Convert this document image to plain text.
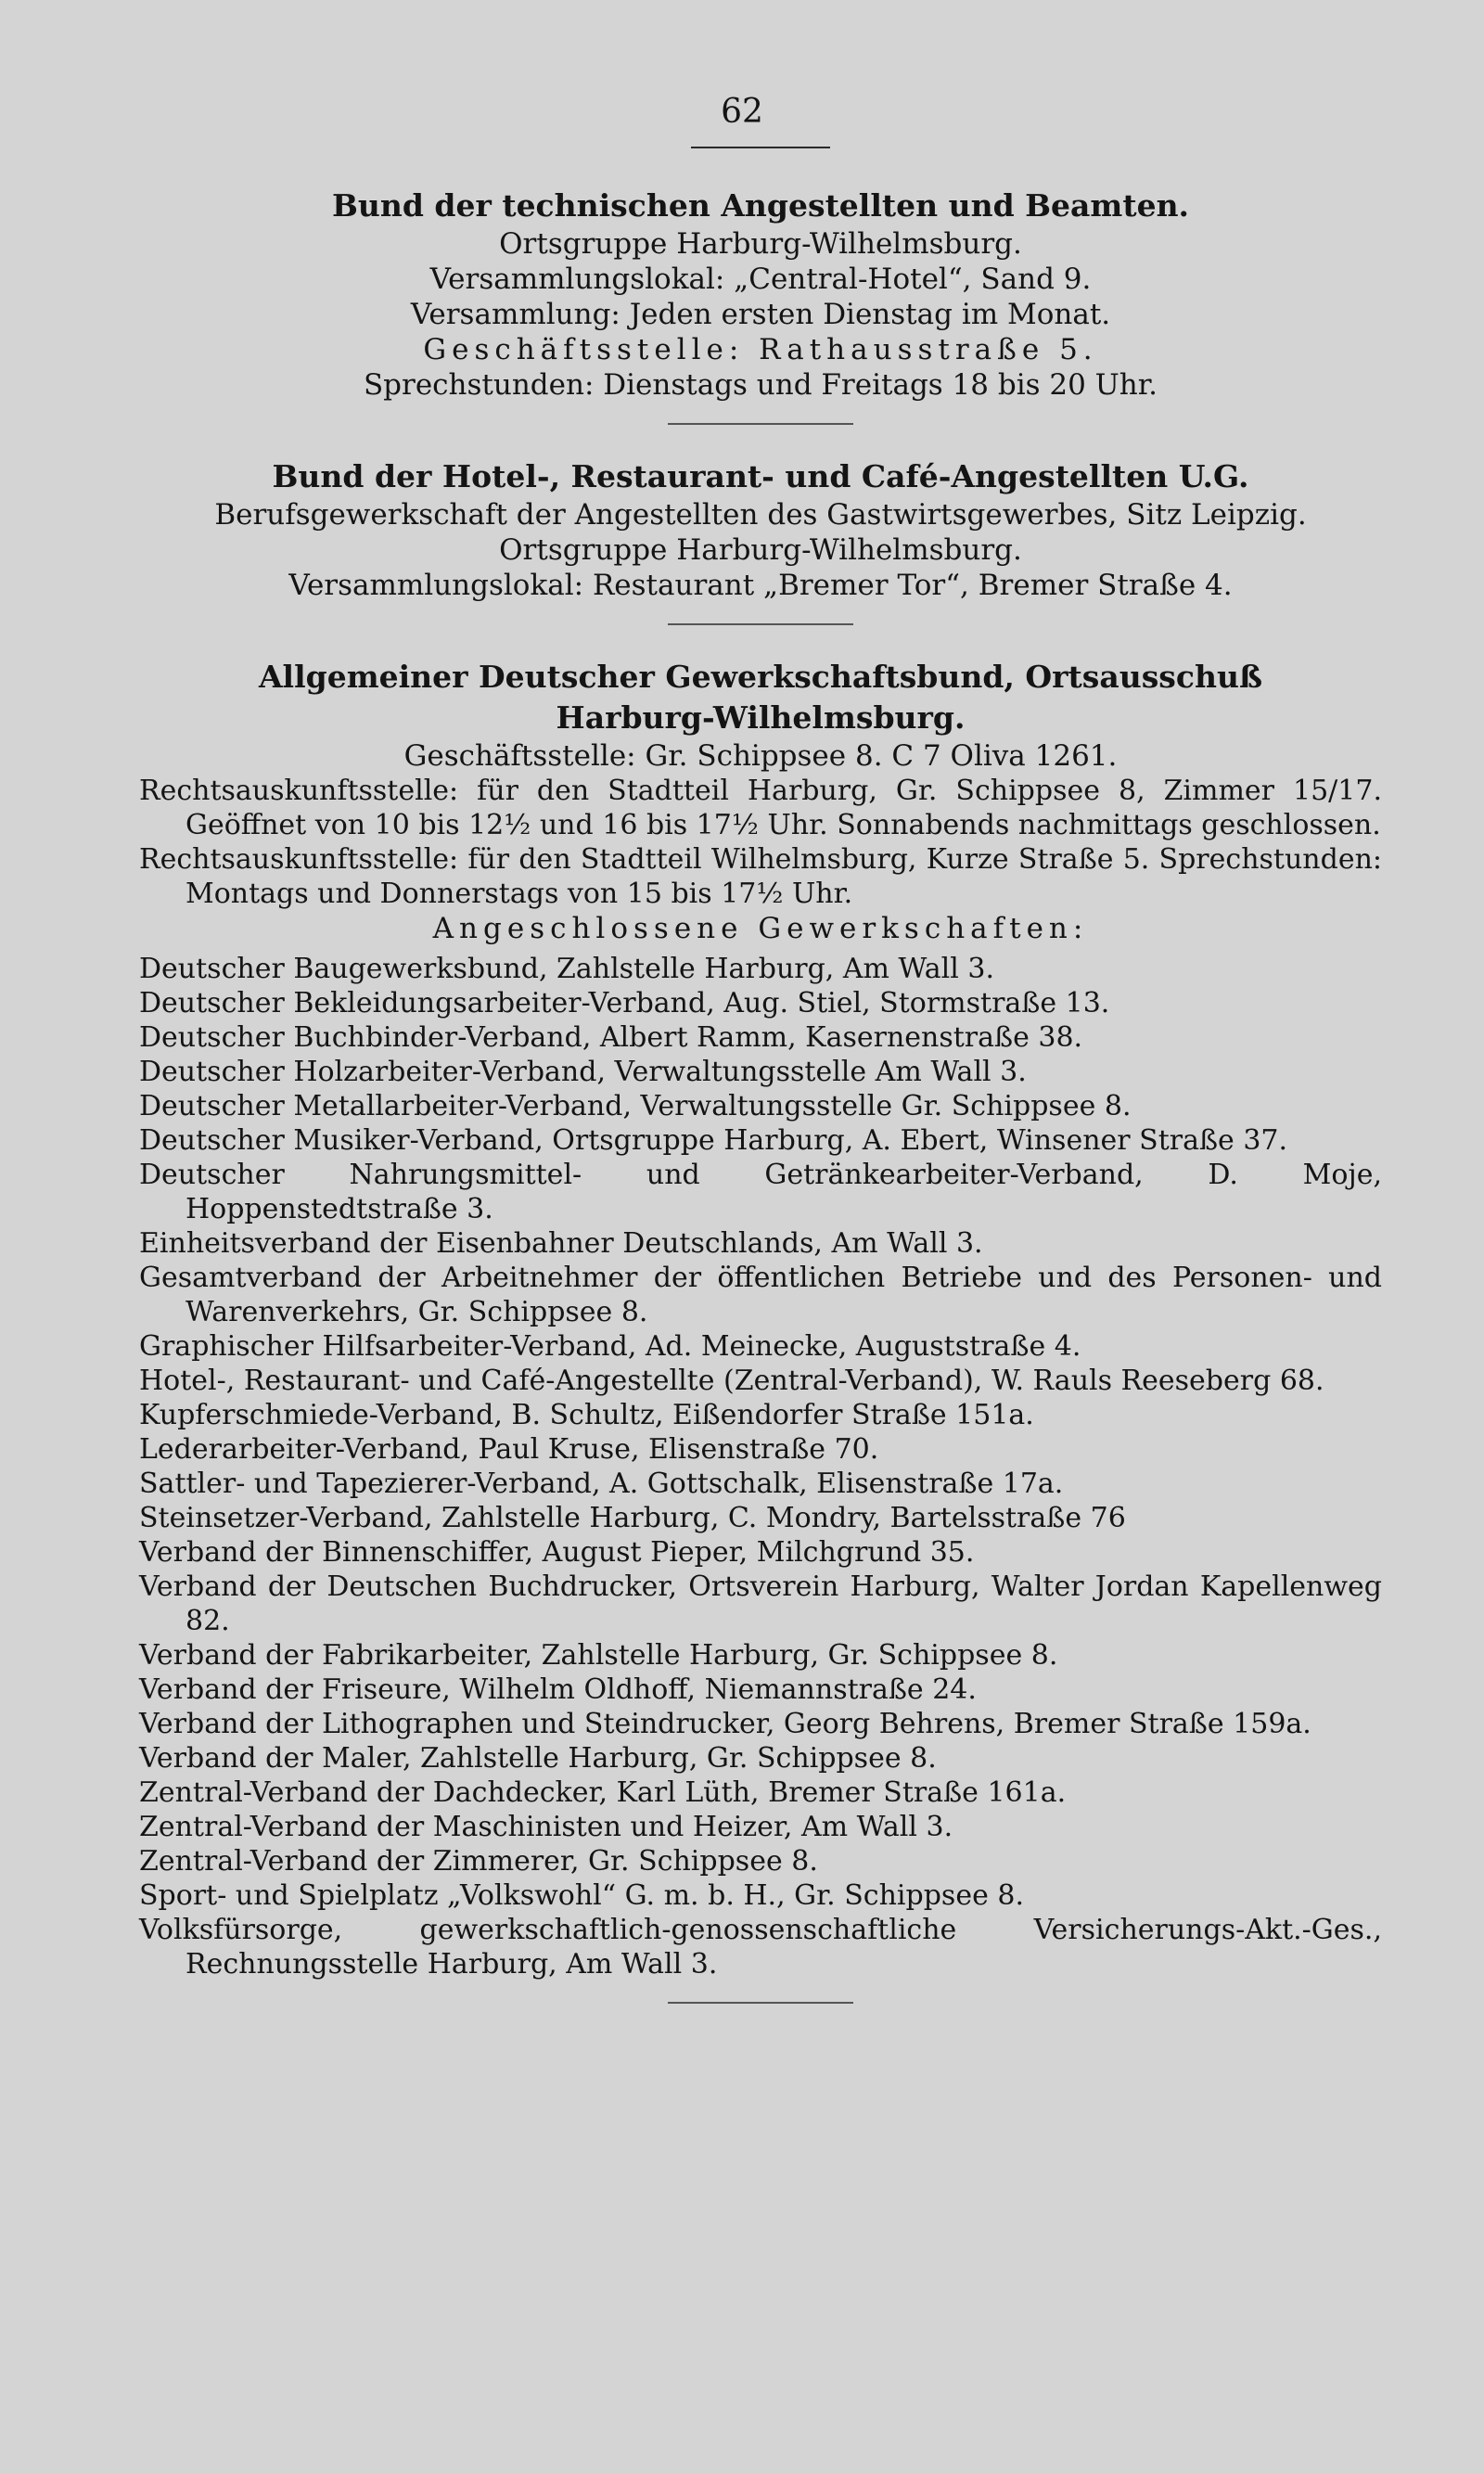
62

Bund der technischen Angestellten und Beamten.

Ortsgruppe Harburg-Wilhelmsburg.

Versammlungslokal: „Central-Hotel“, Sand 9.

Versammlung: Jeden ersten Dienstag im Monat.

Geschäftsstelle: Rathausstraße 5.

Sprechstunden: Dienstags und Freitags 18 bis 20 Uhr.

Bund der Hotel-, Restaurant- und Café-Angestellten U.G.

Berufsgewerkschaft der Angestellten des Gastwirtsgewerbes, Sitz Leipzig.

Ortsgruppe Harburg-Wilhelmsburg.

Versammlungslokal: Restaurant „Bremer Tor“, Bremer Straße 4.

Allgemeiner Deutscher Gewerkschaftsbund, Ortsausschuß

Harburg-Wilhelmsburg.

Geschäftsstelle: Gr. Schippsee 8. C 7 Oliva 1261.

Rechtsauskunftsstelle: für den Stadtteil Harburg, Gr. Schippsee 8, Zimmer 15/17. Geöffnet von 10 bis 12½ und 16 bis 17½ Uhr. Sonnabends nachmittags geschlossen.

Rechtsauskunftsstelle: für den Stadtteil Wilhelmsburg, Kurze Straße 5. Sprechstunden: Montags und Donnerstags von 15 bis 17½ Uhr.

Angeschlossene Gewerkschaften:

Deutscher Baugewerksbund, Zahlstelle Harburg, Am Wall 3.

Deutscher Bekleidungsarbeiter-Verband, Aug. Stiel, Stormstraße 13.

Deutscher Buchbinder-Verband, Albert Ramm, Kasernenstraße 38.

Deutscher Holzarbeiter-Verband, Verwaltungsstelle Am Wall 3.

Deutscher Metallarbeiter-Verband, Verwaltungsstelle Gr. Schippsee 8.

Deutscher Musiker-Verband, Ortsgruppe Harburg, A. Ebert, Winsener Straße 37.

Deutscher Nahrungsmittel- und Getränkearbeiter-Verband, D. Moje, Hoppenstedtstraße 3.

Einheitsverband der Eisenbahner Deutschlands, Am Wall 3.

Gesamtverband der Arbeitnehmer der öffentlichen Betriebe und des Personen- und Warenverkehrs, Gr. Schippsee 8.

Graphischer Hilfsarbeiter-Verband, Ad. Meinecke, Auguststraße 4.

Hotel-, Restaurant- und Café-Angestellte (Zentral-Verband), W. Rauls Reeseberg 68.

Kupferschmiede-Verband, B. Schultz, Eißendorfer Straße 151a.

Lederarbeiter-Verband, Paul Kruse, Elisenstraße 70.

Sattler- und Tapezierer-Verband, A. Gottschalk, Elisenstraße 17a.

Steinsetzer-Verband, Zahlstelle Harburg, C. Mondry, Bartelsstraße 76

Verband der Binnenschiffer, August Pieper, Milchgrund 35.

Verband der Deutschen Buchdrucker, Ortsverein Harburg, Walter Jordan Kapellenweg 82.

Verband der Fabrikarbeiter, Zahlstelle Harburg, Gr. Schippsee 8.

Verband der Friseure, Wilhelm Oldhoff, Niemannstraße 24.

Verband der Lithographen und Steindrucker, Georg Behrens, Bremer Straße 159a.

Verband der Maler, Zahlstelle Harburg, Gr. Schippsee 8.

Zentral-Verband der Dachdecker, Karl Lüth, Bremer Straße 161a.

Zentral-Verband der Maschinisten und Heizer, Am Wall 3.

Zentral-Verband der Zimmerer, Gr. Schippsee 8.

Sport- und Spielplatz „Volkswohl“ G. m. b. H., Gr. Schippsee 8.

Volksfürsorge, gewerkschaftlich-genossenschaftliche Versicherungs-Akt.-Ges., Rechnungsstelle Harburg, Am Wall 3.
